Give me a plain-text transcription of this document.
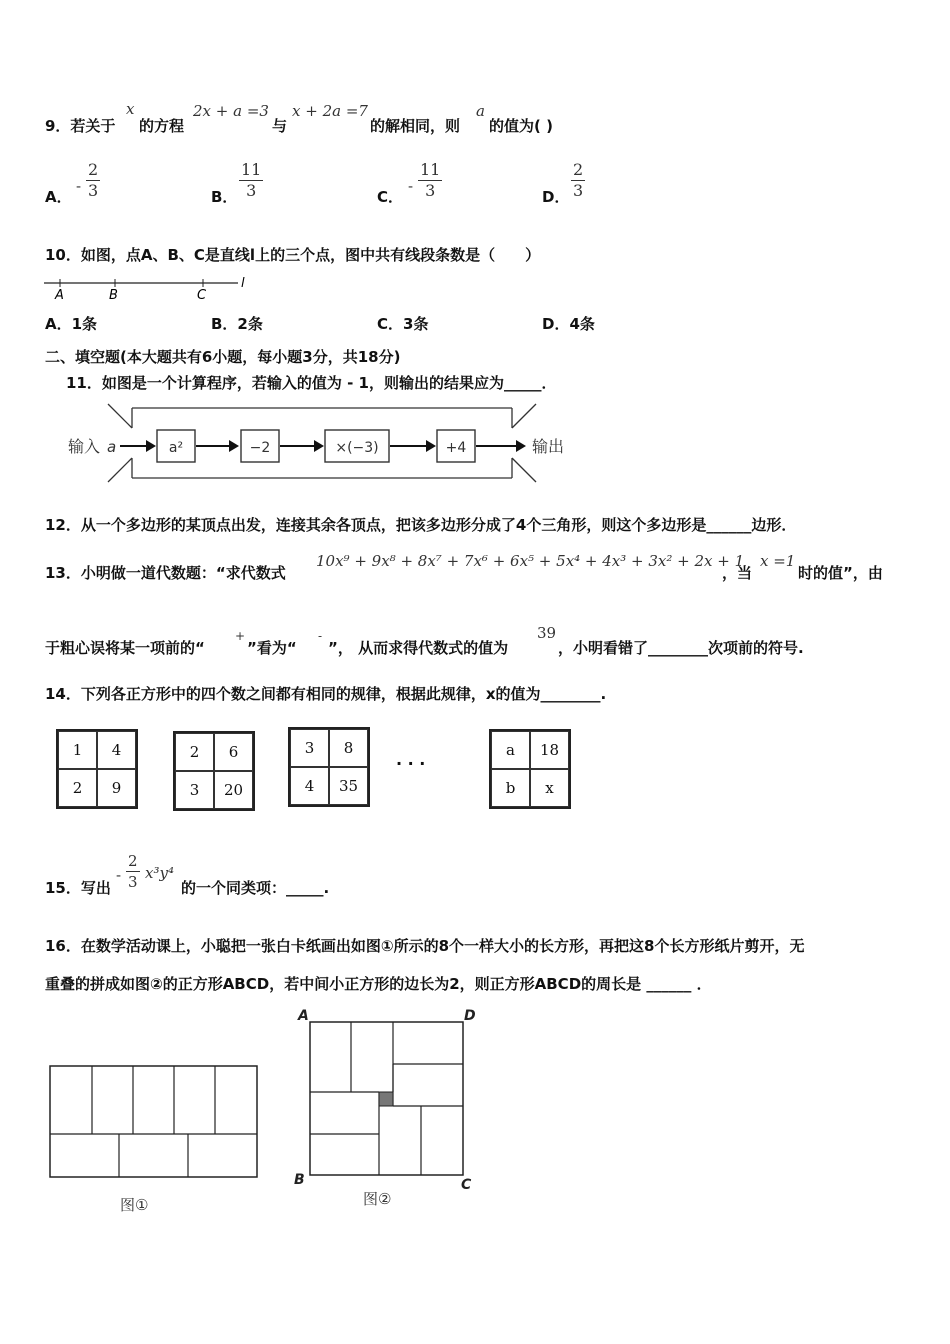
9．若关于
x
的方程
2x + a =3
与
x + 2a =7
的解相同，则
a
的值为( )
A．
- $\frac{2}{3}$	B． $\frac{11}{3}$	C．
- $\frac{11}{3}$	D． $\frac{2}{3}$
10．如图，点A、B、C是直线l上的三个点，图中共有线段条数是（　　）
A	B	C
l
A．1条	B．2条	C．3条	D．4条
二、填空题(本大题共有6小题，每小题3分，共18分)
11．如图是一个计算程序，若输入的值为 - 1，则输出的结果应为_____．
输入 a	a²	−2	×(−3)	+4	输出
12．从一个多边形的某顶点出发，连接其余各顶点，把该多边形分成了4个三角形，则这个多边形是______边形．
13．小明做一道代数题：“求代数式
10x⁹ + 9x⁸ + 8x⁷ + 7x⁶ + 6x⁵ + 5x⁴ + 4x³ + 3x² + 2x + 1
，当
x =1
时的值”，由
于粗心误将某一项前的“
+
”看为“
-
”， 从而求得代数式的值为
39
，小明看错了________次项前的符号.
14．下列各正方形中的四个数之间都有相同的规律，根据此规律，x的值为________.
1	4
2	9
2	6
3	20
3	8
4	35
· · ·
a	18
b	x
15．写出
- $\frac{2}{3} x^3y^4$
的一个同类项：_____.
16．在数学活动课上，小聪把一张白卡纸画出如图①所示的8个一样大小的长方形，再把这8个长方形纸片剪开，无
重叠的拼成如图②的正方形ABCD，若中间小正方形的边长为2，则正方形ABCD的周长是 ______ ．
图①
A	D
B	C
图②
